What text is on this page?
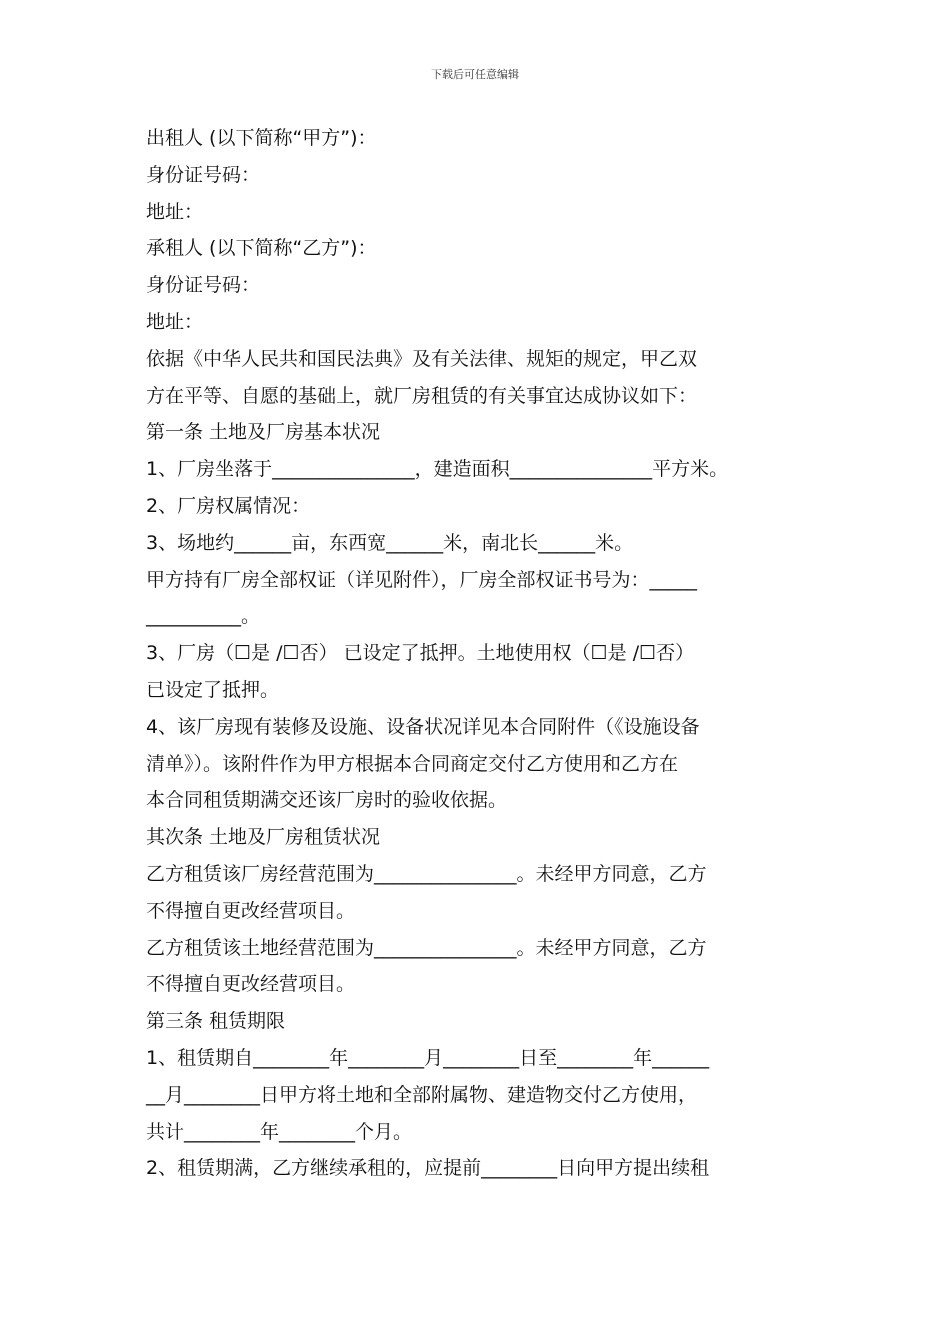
下载后可任意编辑
出租人 (以下简称“甲方”)：
身份证号码：
地址：
承租人 (以下简称“乙方”)：
身份证号码：
地址：
依据《中华人民共和国民法典》及有关法律、规矩的规定，甲乙双
方在平等、自愿的基础上，就厂房租赁的有关事宜达成协议如下：
第一条 土地及厂房基本状况
1、厂房坐落于_______________，建造面积_______________平方米。
2、厂房权属情况：
3、场地约______亩，东西宽______米，南北长______米。
甲方持有厂房全部权证（详见附件），厂房全部权证书号为：_____
__________。
3、厂房（☐是 /☐否） 已设定了抵押。土地使用权（☐是 /☐否）
已设定了抵押。
4、该厂房现有装修及设施、设备状况详见本合同附件（《设施设备
清单》）。该附件作为甲方根据本合同商定交付乙方使用和乙方在
本合同租赁期满交还该厂房时的验收依据。
其次条 土地及厂房租赁状况
乙方租赁该厂房经营范围为_______________。未经甲方同意，乙方
不得擅自更改经营项目。
乙方租赁该土地经营范围为_______________。未经甲方同意，乙方
不得擅自更改经营项目。
第三条 租赁期限
1、租赁期自________年________月________日至________年______
__月________日甲方将土地和全部附属物、建造物交付乙方使用，
共计________年________个月。
2、租赁期满，乙方继续承租的，应提前________日向甲方提出续租
